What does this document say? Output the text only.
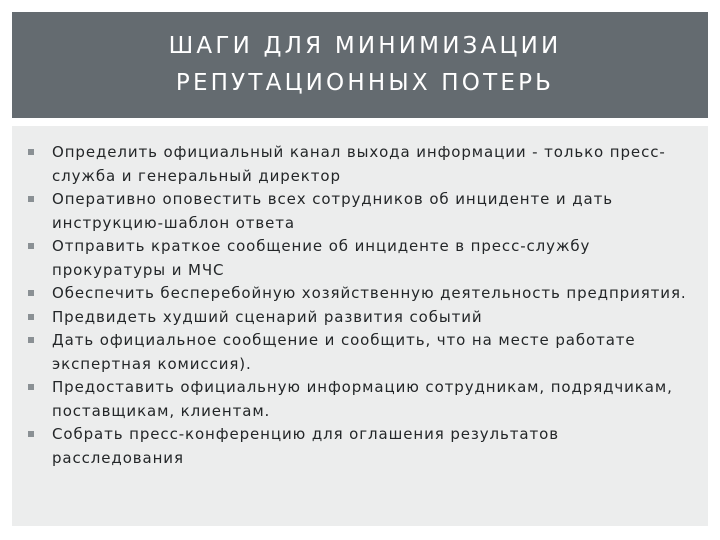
ШАГИ ДЛЯ МИНИМИЗАЦИИ
РЕПУТАЦИОННЫХ ПОТЕРЬ
Определить официальный канал выхода информации - только пресс-служба и генеральный директор
Оперативно оповестить всех сотрудников об инциденте и дать инструкцию-шаблон ответа
Отправить краткое сообщение об инциденте в пресс-службу прокуратуры и МЧС
Обеспечить бесперебойную хозяйственную деятельность предприятия.
Предвидеть худший сценарий развития событий
Дать официальное сообщение и сообщить, что на месте работате экспертная комиссия).
Предоставить официальную информацию сотрудникам, подрядчикам, поставщикам, клиентам.
Собрать пресс-конференцию для оглашения результатов расследования
